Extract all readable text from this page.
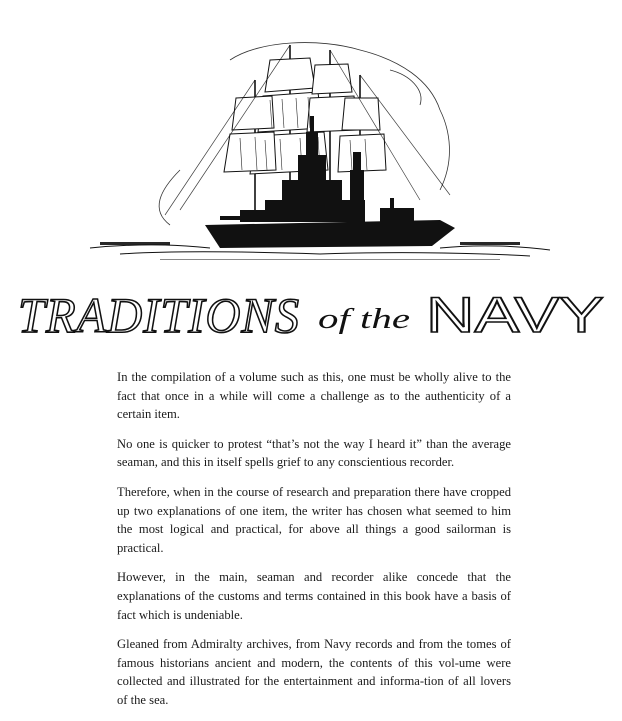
TRADITIONS of the NAVY

In the compilation of a volume such as this, one must be wholly alive to the fact that once in a while will come a challenge as to the authenticity of a certain item.

No one is quicker to protest “that’s not the way I heard it” than the average seaman, and this in itself spells grief to any conscientious recorder.

Therefore, when in the course of research and preparation there have cropped up two explanations of one item, the writer has chosen what seemed to him the most logical and practical, for above all things a good sailorman is practical.

However, in the main, seaman and recorder alike concede that the explanations of the customs and terms contained in this book have a basis of fact which is undeniable.

Gleaned from Admiralty archives, from Navy records and from the tomes of famous historians ancient and modern, the contents of this vol-ume were collected and illustrated for the entertainment and informa-tion of all lovers of the sea.
